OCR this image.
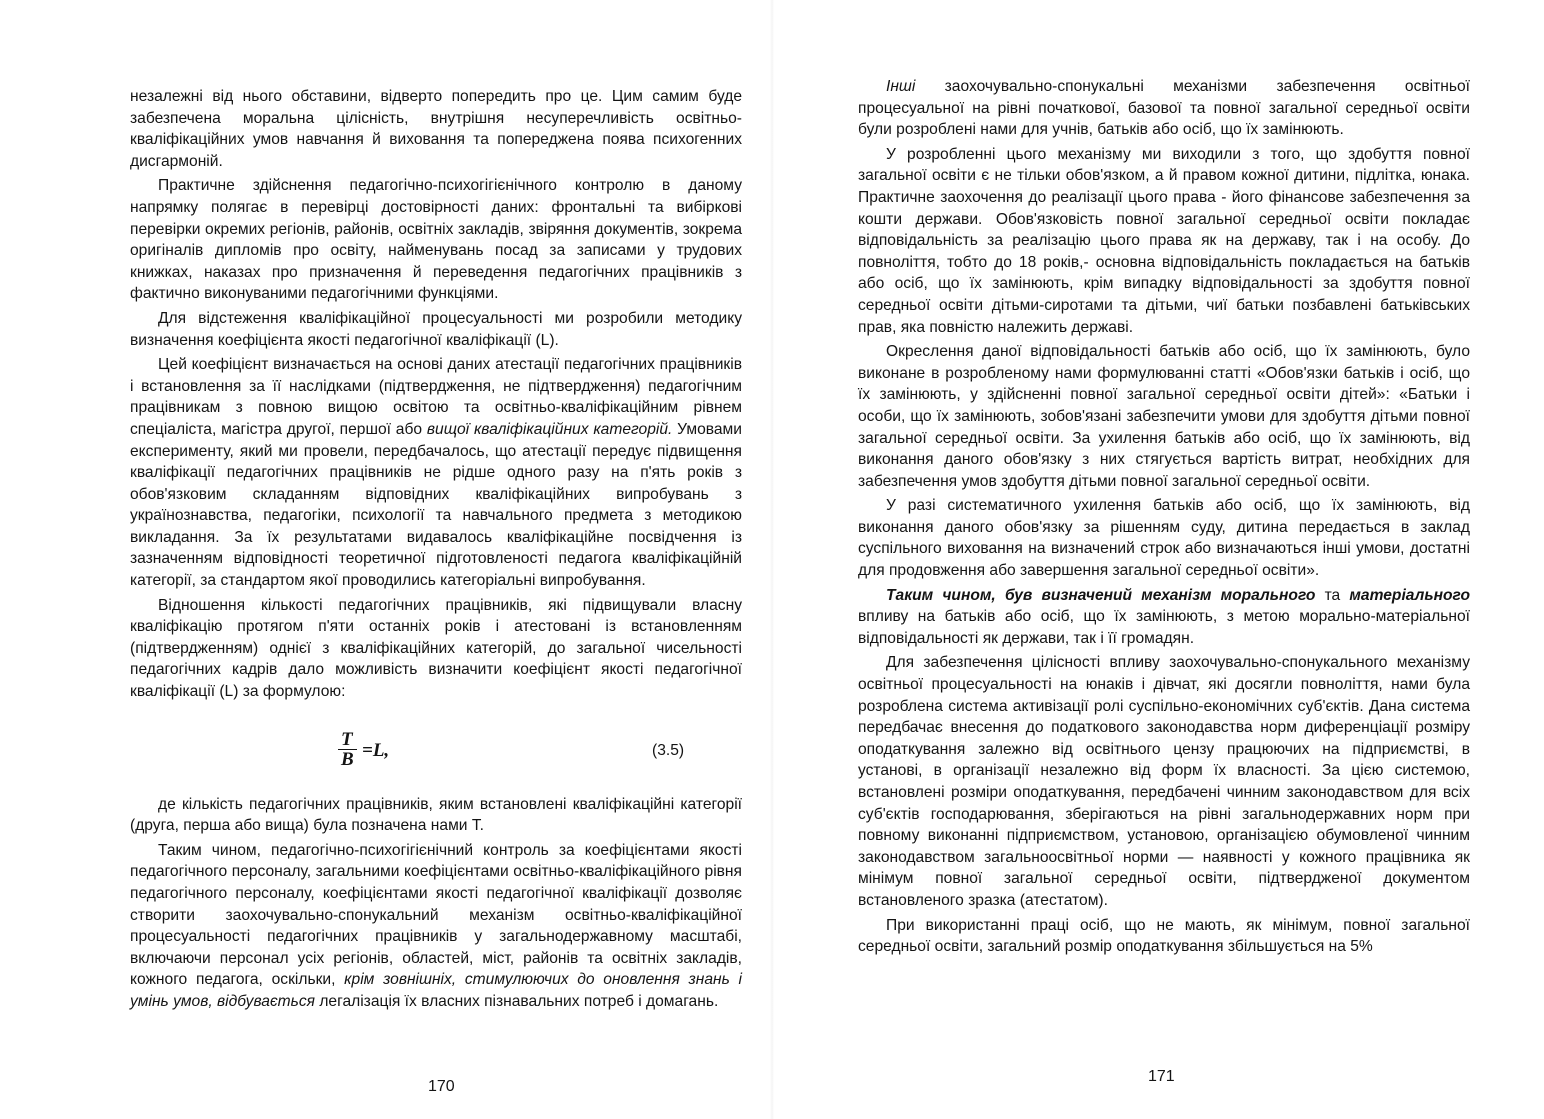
незалежні від нього обставини, відверто попередить про це. Цим самим буде забезпечена моральна цілісність, внутрішня несуперечливість освітньо-кваліфікаційних умов навчання й виховання та попереджена поява психогенних дисгармоній.

Практичне здійснення педагогічно-психогігієнічного контролю в даному напрямку полягає в перевірці достовірності даних: фронтальні та вибіркові перевірки окремих регіонів, районів, освітніх закладів, звіряння документів, зокрема оригіналів дипломів про освіту, найменувань посад за записами у трудових книжках, наказах про призначення й переведення педагогічних працівників з фактично виконуваними педагогічними функціями.

Для відстеження кваліфікаційної процесуальності ми розробили методику визначення коефіцієнта якості педагогічної кваліфікації (L).

Цей коефіцієнт визначається на основі даних атестації педагогічних працівників і встановлення за її наслідками (підтвердження, не підтвердження) педагогічним працівникам з повною вищою освітою та освітньо-кваліфікаційним рівнем спеціаліста, магістра другої, першої або вищої кваліфікаційних категорій. Умовами експерименту, який ми провели, передбачалось, що атестації передує підвищення кваліфікації педагогічних працівників не рідше одного разу на п'ять років з обов'язковим складанням відповідних кваліфікаційних випробувань з українознавства, педагогіки, психології та навчального предмета з методикою викладання. За їх результатами видавалось кваліфікаційне посвідчення із зазначенням відповідності теоретичної підготовленості педагога кваліфікаційній категорії, за стандартом якої проводились категоріальні випробування.

Відношення кількості педагогічних працівників, які підвищували власну кваліфікацію протягом п'яти останніх років і атестовані із встановленням (підтвердженням) однієї з кваліфікаційних категорій, до загальної чисельності педагогічних кадрів дало можливість визначити коефіцієнт якості педагогічної кваліфікації (L) за формулою:

$\frac{T}{B} =L$,	(3.5)

де кількість педагогічних працівників, яким встановлені кваліфікаційні категорії (друга, перша або вища) була позначена нами Т.

Таким чином, педагогічно-психогігієнічний контроль за коефіцієнтами якості педагогічного персоналу, загальними коефіцієнтами освітньо-кваліфікаційного рівня педагогічного персоналу, коефіцієнтами якості педагогічної кваліфікації дозволяє створити заохочувально-спонукальний механізм освітньо-кваліфікаційної процесуальності педагогічних працівників у загальнодержавному масштабі, включаючи персонал усіх регіонів, областей, міст, районів та освітніх закладів, кожного педагога, оскільки, крім зовнішніх, стимулюючих до оновлення знань і умінь умов, відбувається легалізація їх власних пізнавальних потреб і домагань.

170

Інші заохочувально-спонукальні механізми забезпечення освітньої процесуальної на рівні початкової, базової та повної загальної середньої освіти були розроблені нами для учнів, батьків або осіб, що їх замінюють.

У розробленні цього механізму ми виходили з того, що здобуття повної загальної освіти є не тільки обов'язком, а й правом кожної дитини, підлітка, юнака. Практичне заохочення до реалізації цього права - його фінансове забезпечення за кошти держави. Обов'язковість повної загальної середньої освіти покладає відповідальність за реалізацію цього права як на державу, так і на особу. До повноліття, тобто до 18 років,- основна відповідальність покладається на батьків або осіб, що їх замінюють, крім випадку відповідальності за здобуття повної середньої освіти дітьми-сиротами та дітьми, чиї батьки позбавлені батьківських прав, яка повністю належить державі.

Окреслення даної відповідальності батьків або осіб, що їх замінюють, було виконане в розробленому нами формулюванні статті «Обов'язки батьків і осіб, що їх замінюють, у здійсненні повної загальної середньої освіти дітей»: «Батьки і особи, що їх замінюють, зобов'язані забезпечити умови для здобуття дітьми повної загальної середньої освіти. За ухилення батьків або осіб, що їх замінюють, від виконання даного обов'язку з них стягується вартість витрат, необхідних для забезпечення умов здобуття дітьми повної загальної середньої освіти.

У разі систематичного ухилення батьків або осіб, що їх замінюють, від виконання даного обов'язку за рішенням суду, дитина передається в заклад суспільного виховання на визначений строк або визначаються інші умови, достатні для продовження або завершення загальної середньої освіти».

Таким чином, був визначений механізм морального та матеріального впливу на батьків або осіб, що їх замінюють, з метою морально-матеріальної відповідальності як держави, так і її громадян.

Для забезпечення цілісності впливу заохочувально-спонукального механізму освітньої процесуальності на юнаків і дівчат, які досягли повноліття, нами була розроблена система активізації ролі суспільно-економічних суб'єктів. Дана система передбачає внесення до податкового законодавства норм диференціації розміру оподаткування залежно від освітнього цензу працюючих на підприємстві, в установі, в організації незалежно від форм їх власності. За цією системою, встановлені розміри оподаткування, передбачені чинним законодавством для всіх суб'єктів господарювання, зберігаються на рівні загальнодержавних норм при повному виконанні підприємством, установою, організацією обумовленої чинним законодавством загальноосвітньої норми — наявності у кожного працівника як мінімум повної загальної середньої освіти, підтвердженої документом встановленого зразка (атестатом).

При використанні праці осіб, що не мають, як мінімум, повної загальної середньої освіти, загальний розмір оподаткування збільшується на 5%

171
